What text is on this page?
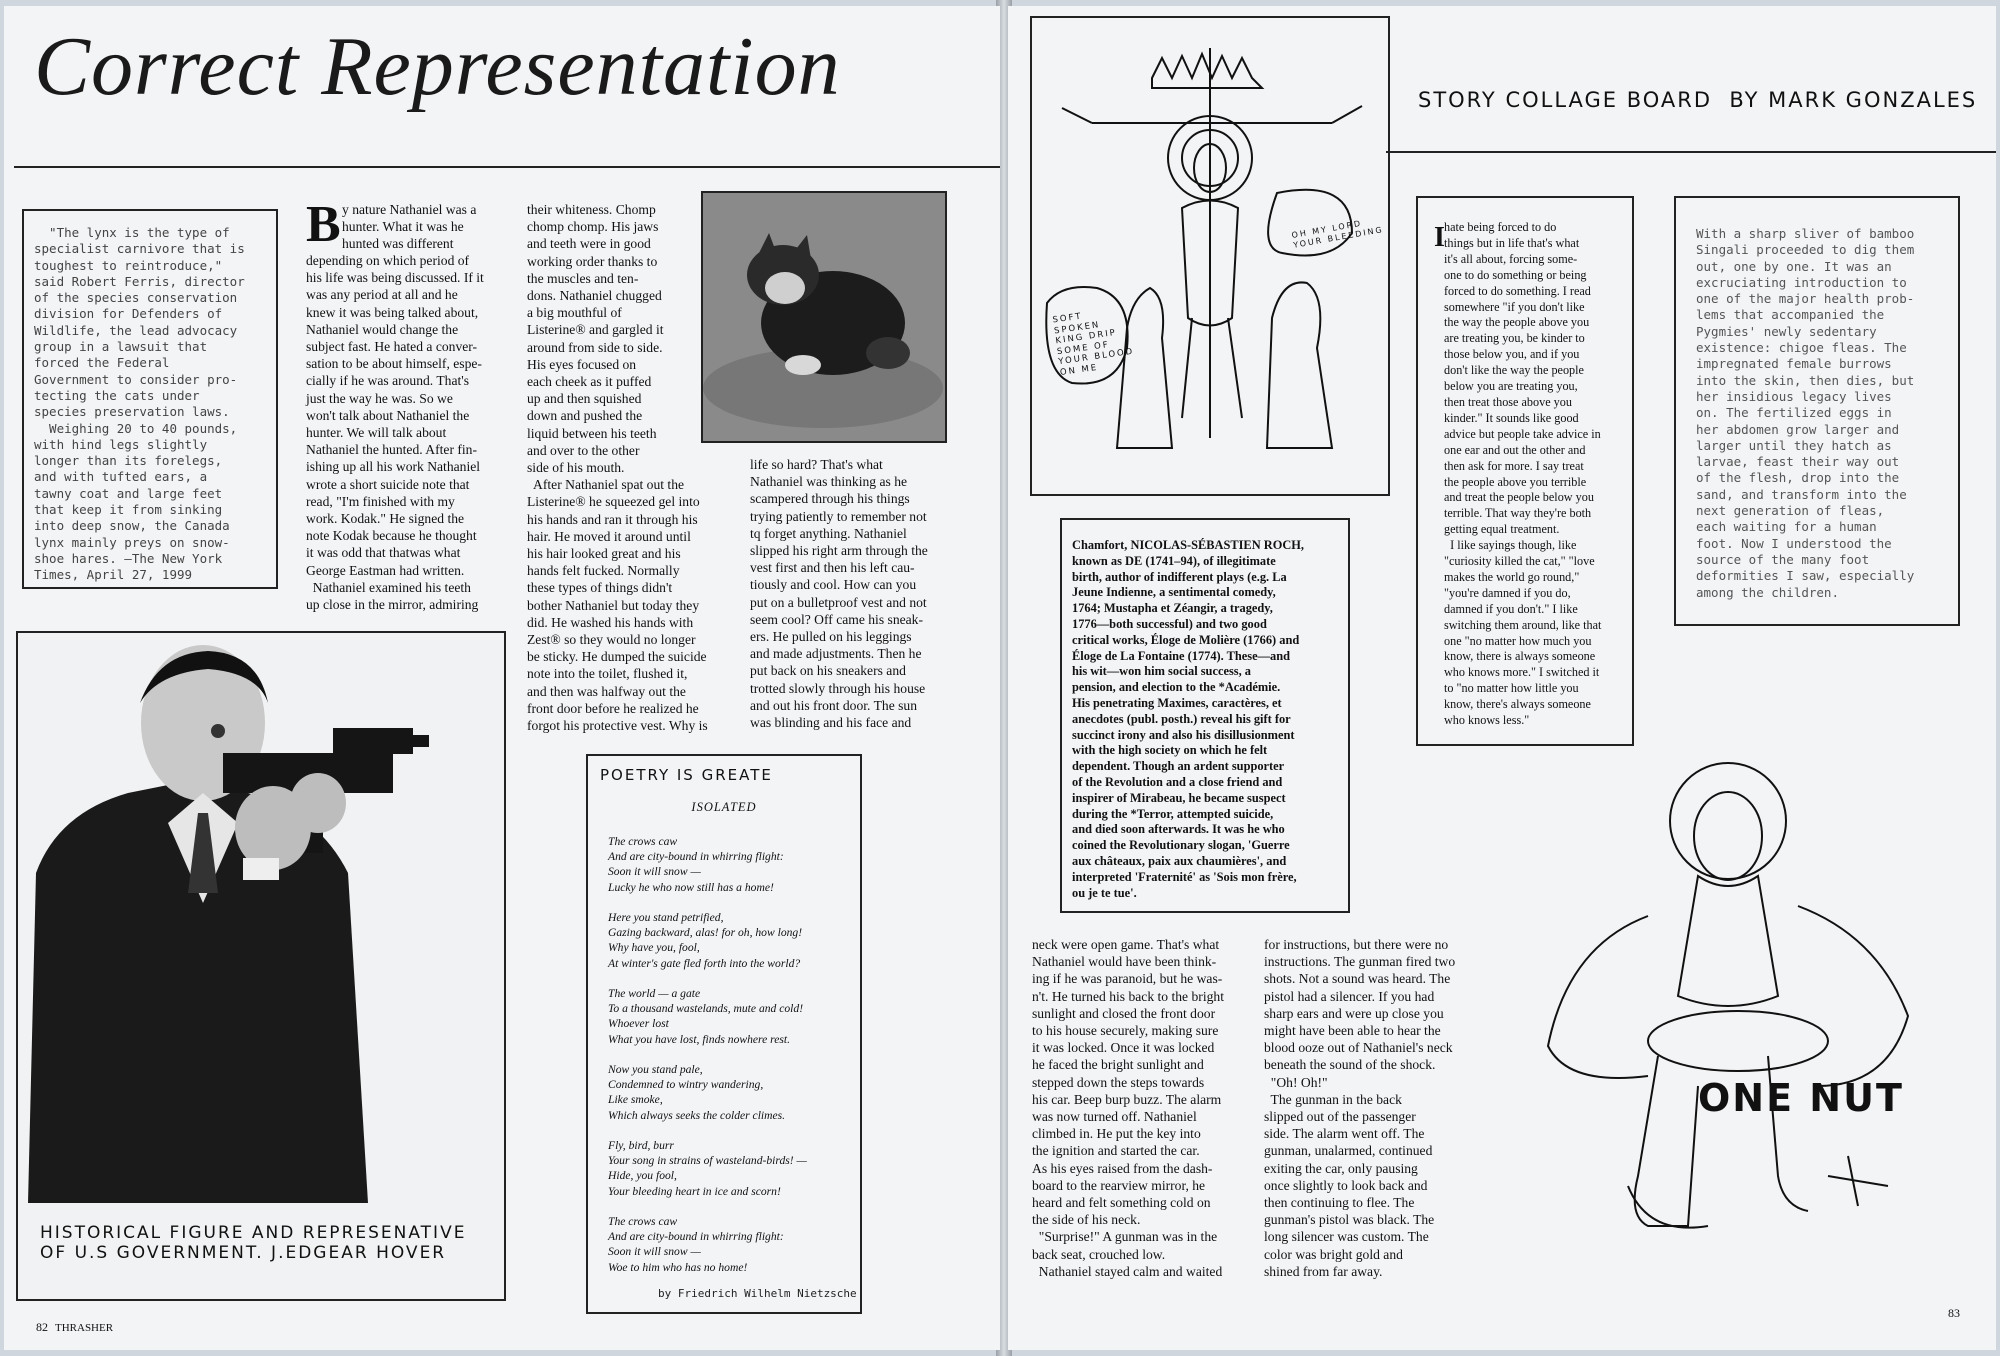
Correct Representation
"The lynx is the type of
specialist carnivore that is
toughest to reintroduce,"
said Robert Ferris, director
of the species conservation
division for Defenders of
Wildlife, the lead advocacy
group in a lawsuit that
forced the Federal
Government to consider pro-
tecting the cats under
species preservation laws.
Weighing 20 to 40 pounds,
with hind legs slightly
longer than its forelegs,
and with tufted ears, a
tawny coat and large feet
that keep it from sinking
into deep snow, the Canada
lynx mainly preys on snow-
shoe hares. —The New York
Times, April 27, 1999
B y nature Nathaniel was a
hunter. What it was he
hunted was different
depending on which period of
his life was being discussed. If it
was any period at all and he
knew it was being talked about,
Nathaniel would change the
subject fast. He hated a conver-
sation to be about himself, espe-
cially if he was around. That's
just the way he was. So we
won't talk about Nathaniel the
hunter. We will talk about
Nathaniel the hunted. After fin-
ishing up all his work Nathaniel
wrote a short suicide note that
read, "I'm finished with my
work. Kodak." He signed the
note Kodak because he thought
it was odd that thatwas what
George Eastman had written.
Nathaniel examined his teeth
up close in the mirror, admiring
their whiteness. Chomp
chomp chomp. His jaws
and teeth were in good
working order thanks to
the muscles and ten-
dons. Nathaniel chugged
a big mouthful of
Listerine® and gargled it
around from side to side.
His eyes focused on
each cheek as it puffed
up and then squished
down and pushed the
liquid between his teeth
and over to the other
side of his mouth.
After Nathaniel spat out the
Listerine® he squeezed gel into
his hands and ran it through his
hair. He moved it around until
his hair looked great and his
hands felt fucked. Normally
these types of things didn't
bother Nathaniel but today they
did. He washed his hands with
Zest® so they would no longer
be sticky. He dumped the suicide
note into the toilet, flushed it,
and then was halfway out the
front door before he realized he
forgot his protective vest. Why is
life so hard? That's what
Nathaniel was thinking as he
scampered through his things
trying patiently to remember not
tq forget anything. Nathaniel
slipped his right arm through the
vest first and then his left cau-
tiously and cool. How can you
put on a bulletproof vest and not
seem cool? Off came his sneak-
ers. He pulled on his leggings
and made adjustments. Then he
put back on his sneakers and
trotted slowly through his house
and out his front door. The sun
was blinding and his face and
HISTORICAL FIGURE AND REPRESENATIVE
OF U.S GOVERNMENT. J.EDGEAR HOVER
POETRY IS GREATE
ISOLATED
The crows caw
And are city-bound in whirring flight:
Soon it will snow —
Lucky he who now still has a home!

Here you stand petrified,
Gazing backward, alas! for oh, how long!
Why have you, fool,
At winter's gate fled forth into the world?

The world — a gate
To a thousand wastelands, mute and cold!
Whoever lost
What you have lost, finds nowhere rest.

Now you stand pale,
Condemned to wintry wandering,
Like smoke,
Which always seeks the colder climes.

Fly, bird, burr
Your song in strains of wasteland-birds! —
Hide, you fool,
Your bleeding heart in ice and scorn!

The crows caw
And are city-bound in whirring flight:
Soon it will snow —
Woe to him who has no home!
by Friedrich Wilhelm Nietzsche
82 THRASHER
OH MY LORD
YOUR BLEEDING
SOFT
SPOKEN
KING DRIP
SOME OF
YOUR BLOOD
ON ME
STORY COLLAGE BOARD  BY MARK GONZALES
I hate being forced to do
things but in life that's what
it's all about, forcing some-
one to do something or being
forced to do something. I read
somewhere "if you don't like
the way the people above you
are treating you, be kinder to
those below you, and if you
don't like the way the people
below you are treating you,
then treat those above you
kinder." It sounds like good
advice but people take advice in
one ear and out the other and
then ask for more. I say treat
the people above you terrible
and treat the people below you
terrible. That way they're both
getting equal treatment.
I like sayings though, like
"curiosity killed the cat," "love
makes the world go round,"
"you're damned if you do,
damned if you don't." I like
switching them around, like that
one "no matter how much you
know, there is always someone
who knows more." I switched it
to "no matter how little you
know, there's always someone
who knows less."
With a sharp sliver of bamboo
Singali proceeded to dig them
out, one by one. It was an
excruciating introduction to
one of the major health prob-
lems that accompanied the
Pygmies' newly sedentary
existence: chigoe fleas. The
impregnated female burrows
into the skin, then dies, but
her insidious legacy lives
on. The fertilized eggs in
her abdomen grow larger and
larger until they hatch as
larvae, feast their way out
of the flesh, drop into the
sand, and transform into the
next generation of fleas,
each waiting for a human
foot. Now I understood the
source of the many foot
deformities I saw, especially
among the children.
Chamfort, NICOLAS-SÉBASTIEN ROCH,
known as DE (1741–94), of illegitimate
birth, author of indifferent plays (e.g. La
Jeune Indienne, a sentimental comedy,
1764; Mustapha et Zéangir, a tragedy,
1776—both successful) and two good
critical works, Éloge de Molière (1766) and
Éloge de La Fontaine (1774). These—and
his wit—won him social success, a
pension, and election to the *Académie.
His penetrating Maximes, caractères, et
anecdotes (publ. posth.) reveal his gift for
succinct irony and also his disillusionment
with the high society on which he felt
dependent. Though an ardent supporter
of the Revolution and a close friend and
inspirer of Mirabeau, he became suspect
during the *Terror, attempted suicide,
and died soon afterwards. It was he who
coined the Revolutionary slogan, 'Guerre
aux châteaux, paix aux chaumières', and
interpreted 'Fraternité' as 'Sois mon frère,
ou je te tue'.
neck were open game. That's what
Nathaniel would have been think-
ing if he was paranoid, but he was-
n't. He turned his back to the bright
sunlight and closed the front door
to his house securely, making sure
it was locked. Once it was locked
he faced the bright sunlight and
stepped down the steps towards
his car. Beep burp buzz. The alarm
was now turned off. Nathaniel
climbed in. He put the key into
the ignition and started the car.
As his eyes raised from the dash-
board to the rearview mirror, he
heard and felt something cold on
the side of his neck.
"Surprise!" A gunman was in the
back seat, crouched low.
Nathaniel stayed calm and waited
for instructions, but there were no
instructions. The gunman fired two
shots. Not a sound was heard. The
pistol had a silencer. If you had
sharp ears and were up close you
might have been able to hear the
blood ooze out of Nathaniel's neck
beneath the sound of the shock.
"Oh! Oh!"
The gunman in the back
slipped out of the passenger
side. The alarm went off. The
gunman, unalarmed, continued
exiting the car, only pausing
once slightly to look back and
then continuing to flee. The
gunman's pistol was black. The
long silencer was custom. The
color was bright gold and
shined from far away.
ONE NUT
83
